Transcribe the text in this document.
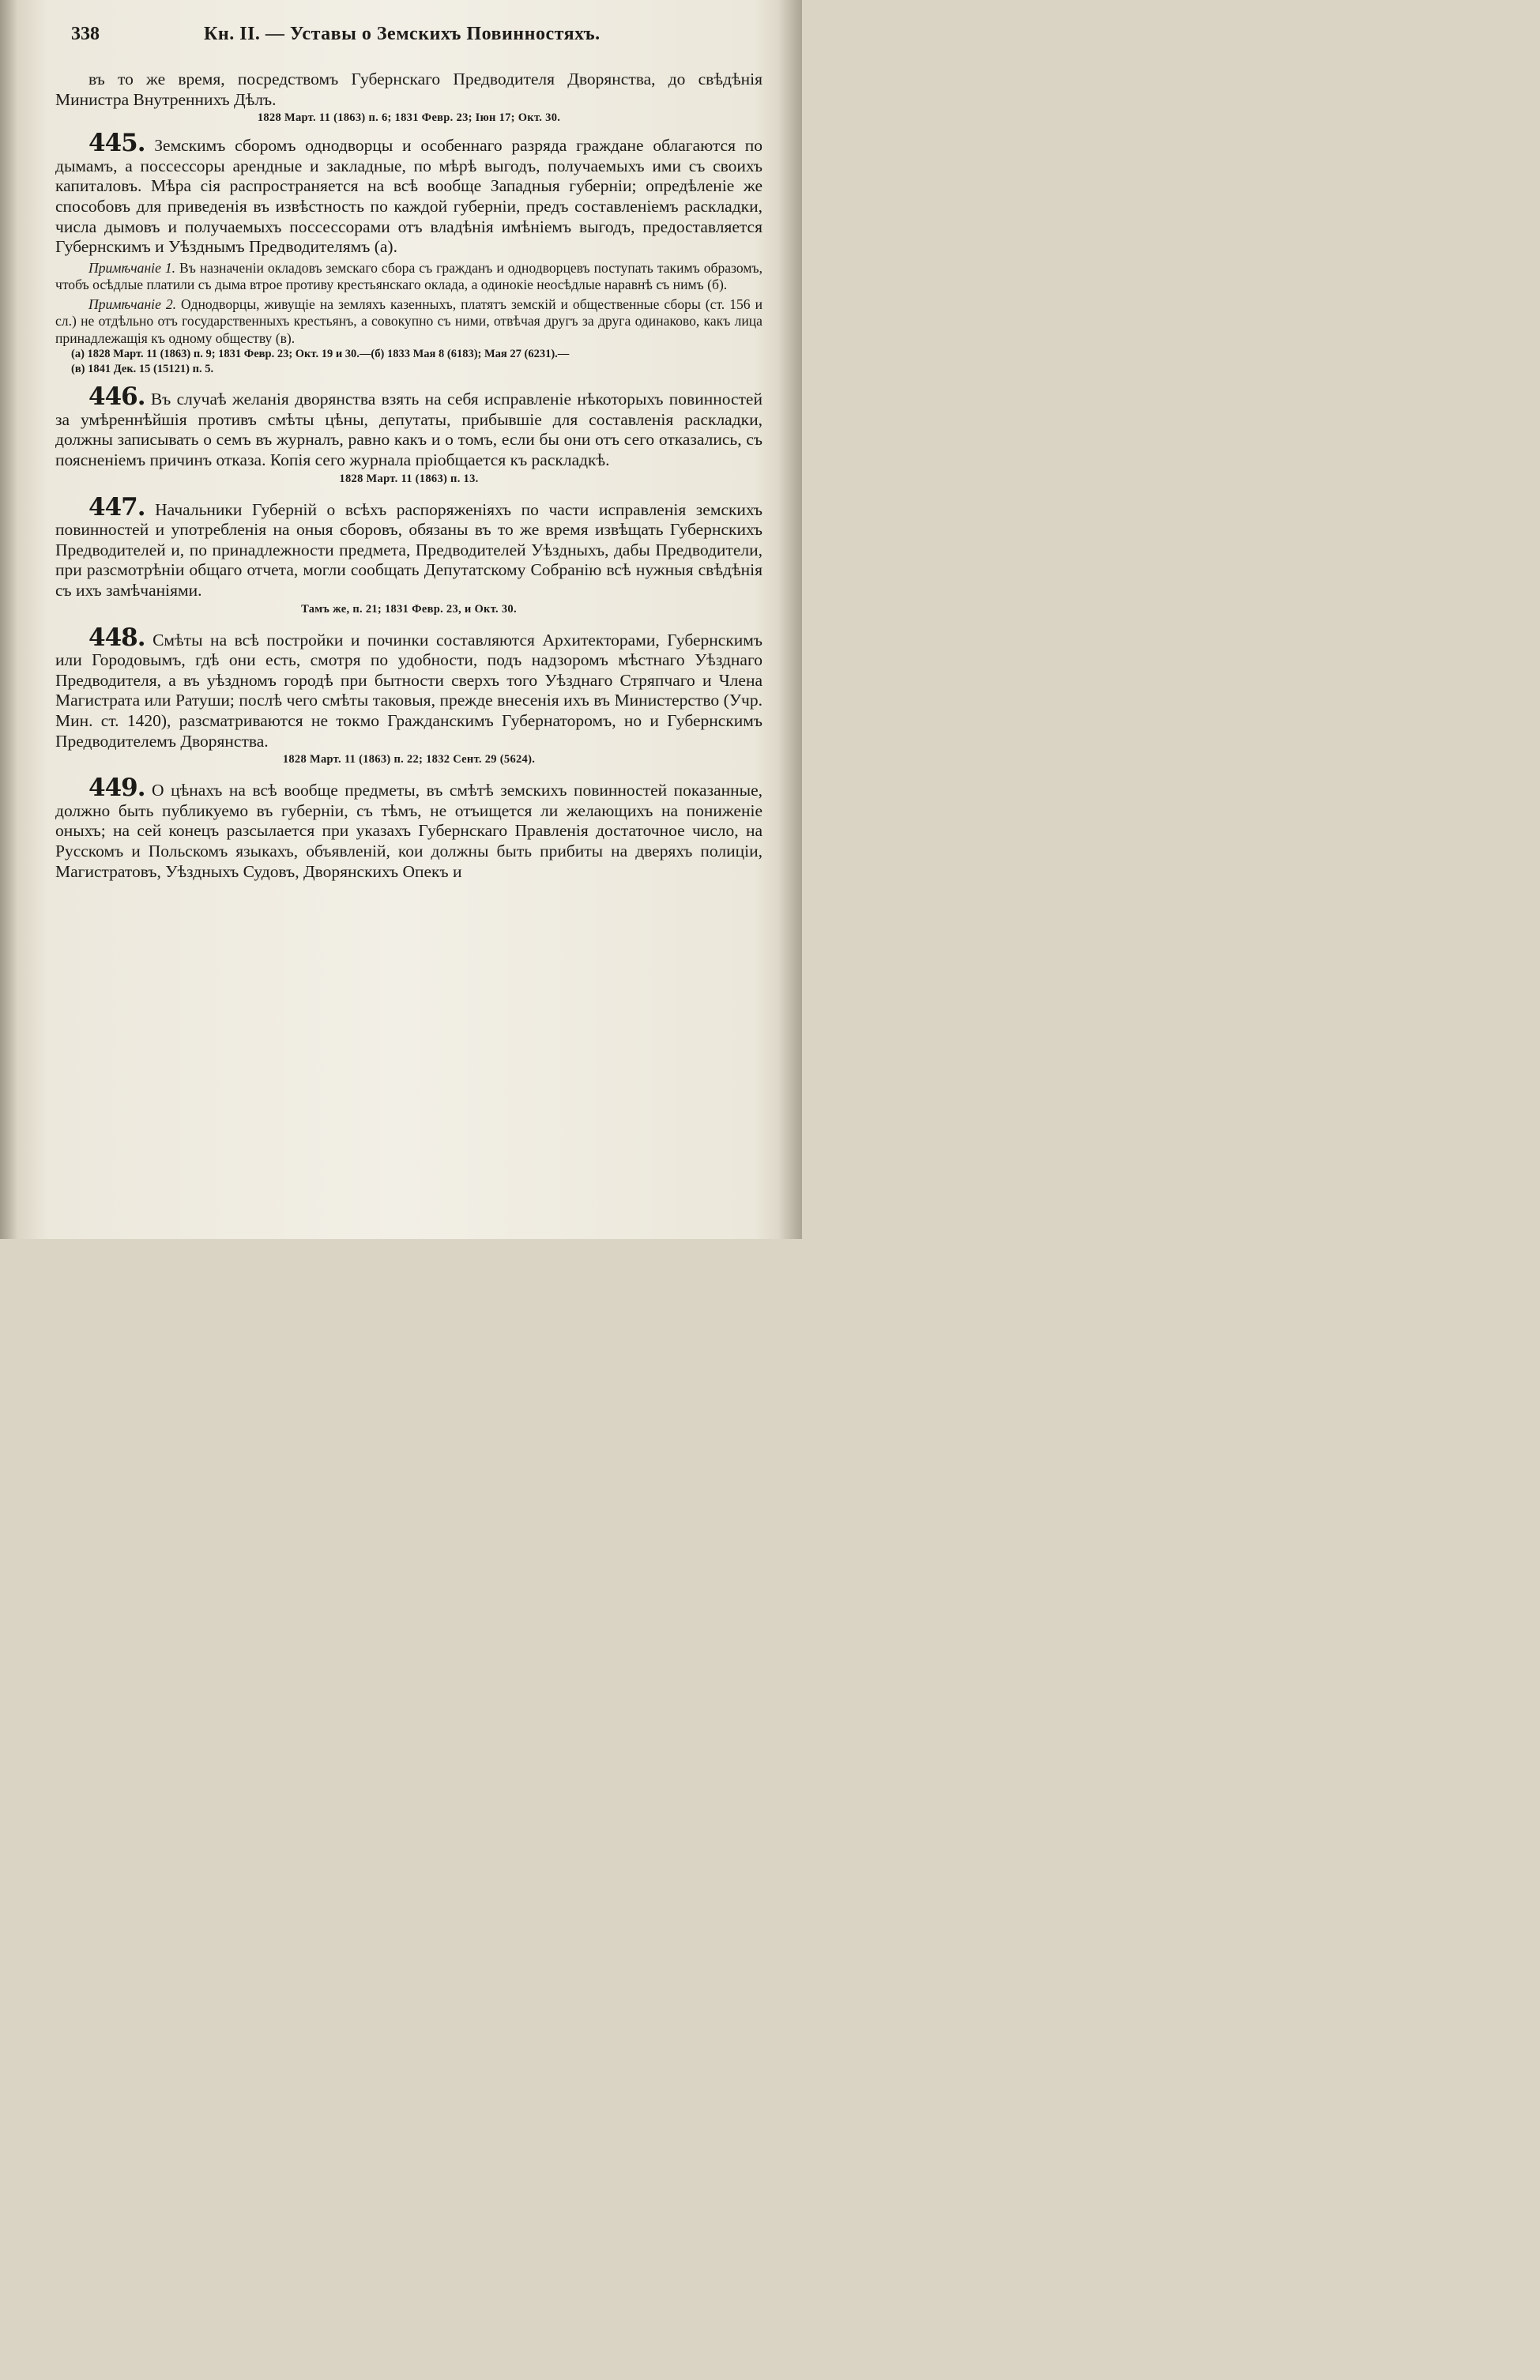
338	Кн. II. — Уставы о Земскихъ Повинностяхъ.

въ то же время, посредствомъ Губернскаго Предводителя Дворянства, до свѣдѣнія Министра Внутреннихъ Дѣлъ.

1828 Март. 11 (1863) п. 6; 1831 Февр. 23; Іюн 17; Окт. 30.

445. Земскимъ сборомъ однодворцы и особеннаго разряда граждане облагаются по дымамъ, а поссессоры арендные и закладные, по мѣрѣ выгодъ, получаемыхъ ими съ своихъ капиталовъ. Мѣра сія распространяется на всѣ вообще Западныя губерніи; опредѣленіе же способовъ для приведенія въ извѣстность по каждой губерніи, предъ составленіемъ раскладки, числа дымовъ и получаемыхъ поссессорами отъ владѣнія имѣніемъ выгодъ, предоставляется Губернскимъ и Уѣзднымъ Предводителямъ (а).

Примѣчаніе 1. Въ назначеніи окладовъ земскаго сбора съ гражданъ и однодворцевъ поступать такимъ образомъ, чтобъ осѣдлые платили съ дыма втрое противу крестьянскаго оклада, а одинокіе неосѣдлые наравнѣ съ нимъ (б).

Примѣчаніе 2. Однодворцы, живущіе на земляхъ казенныхъ, платятъ земскій и общественные сборы (ст. 156 и сл.) не отдѣльно отъ государственныхъ крестьянъ, а совокупно съ ними, отвѣчая другъ за друга одинаково, какъ лица принадлежащія къ одному обществу (в).

(а) 1828 Март. 11 (1863) п. 9; 1831 Февр. 23; Окт. 19 и 30.—(б) 1833 Мая 8 (6183); Мая 27 (6231).—

(в) 1841 Дек. 15 (15121) п. 5.

446. Въ случаѣ желанія дворянства взять на себя исправленіе нѣкоторыхъ повинностей за умѣреннѣйшія противъ смѣты цѣны, депутаты, прибывшіе для составленія раскладки, должны записывать о семъ въ журналъ, равно какъ и о томъ, если бы они отъ сего отказались, съ поясненіемъ причинъ отказа. Копія сего журнала пріобщается къ раскладкѣ.

1828 Март. 11 (1863) п. 13.

447. Начальники Губерній о всѣхъ распоряженіяхъ по части исправленія земскихъ повинностей и употребленія на оныя сборовъ, обязаны въ то же время извѣщать Губернскихъ Предводителей и, по принадлежности предмета, Предводителей Уѣздныхъ, дабы Предводители, при разсмотрѣніи общаго отчета, могли сообщать Депутатскому Собранію всѣ нужныя свѣдѣнія съ ихъ замѣчаніями.

Тамъ же, п. 21; 1831 Февр. 23, и Окт. 30.

448. Смѣты на всѣ постройки и починки составляются Архитекторами, Губернскимъ или Городовымъ, гдѣ они есть, смотря по удобности, подъ надзоромъ мѣстнаго Уѣзднаго Предводителя, а въ уѣздномъ городѣ при бытности сверхъ того Уѣзднаго Стряпчаго и Члена Магистрата или Ратуши; послѣ чего смѣты таковыя, прежде внесенія ихъ въ Министерство (Учр. Мин. ст. 1420), разсматриваются не токмо Гражданскимъ Губернаторомъ, но и Губернскимъ Предводителемъ Дворянства.

1828 Март. 11 (1863) п. 22; 1832 Сент. 29 (5624).

449. О цѣнахъ на всѣ вообще предметы, въ смѣтѣ земскихъ повинностей показанные, должно быть публикуемо въ губерніи, съ тѣмъ, не отъищется ли желающихъ на пониженіе оныхъ; на сей конецъ разсылается при указахъ Губернскаго Правленія достаточное число, на Русскомъ и Польскомъ языкахъ, объявленій, кои должны быть прибиты на дверяхъ полиціи, Магистратовъ, Уѣздныхъ Судовъ, Дворянскихъ Опекъ и
